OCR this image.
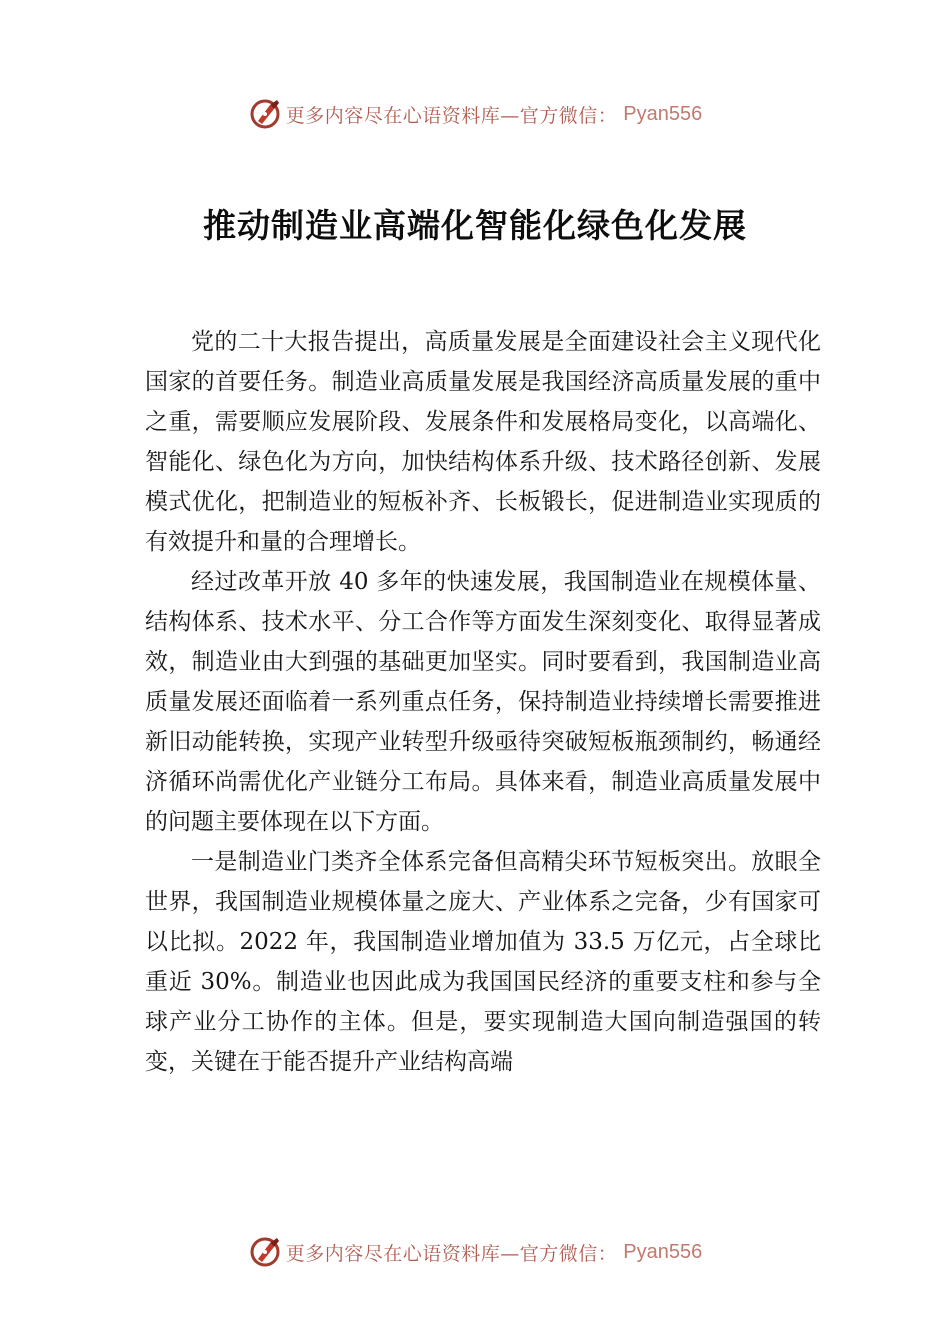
更多内容尽在心语资料库—官方微信： Pyan556
推动制造业高端化智能化绿色化发展

党的二十大报告提出，高质量发展是全面建设社会主义现代化国家的首要任务。制造业高质量发展是我国经济高质量发展的重中之重，需要顺应发展阶段、发展条件和发展格局变化，以高端化、智能化、绿色化为方向，加快结构体系升级、技术路径创新、发展模式优化，把制造业的短板补齐、长板锻长，促进制造业实现质的有效提升和量的合理增长。

经过改革开放 40 多年的快速发展，我国制造业在规模体量、结构体系、技术水平、分工合作等方面发生深刻变化、取得显著成效，制造业由大到强的基础更加坚实。同时要看到，我国制造业高质量发展还面临着一系列重点任务，保持制造业持续增长需要推进新旧动能转换，实现产业转型升级亟待突破短板瓶颈制约，畅通经济循环尚需优化产业链分工布局。具体来看，制造业高质量发展中的问题主要体现在以下方面。

一是制造业门类齐全体系完备但高精尖环节短板突出。放眼全世界，我国制造业规模体量之庞大、产业体系之完备，少有国家可以比拟。2022 年，我国制造业增加值为 33.5 万亿元，占全球比重近 30%。制造业也因此成为我国国民经济的重要支柱和参与全球产业分工协作的主体。但是，要实现制造大国向制造强国的转变，关键在于能否提升产业结构高端

更多内容尽在心语资料库—官方微信： Pyan556
